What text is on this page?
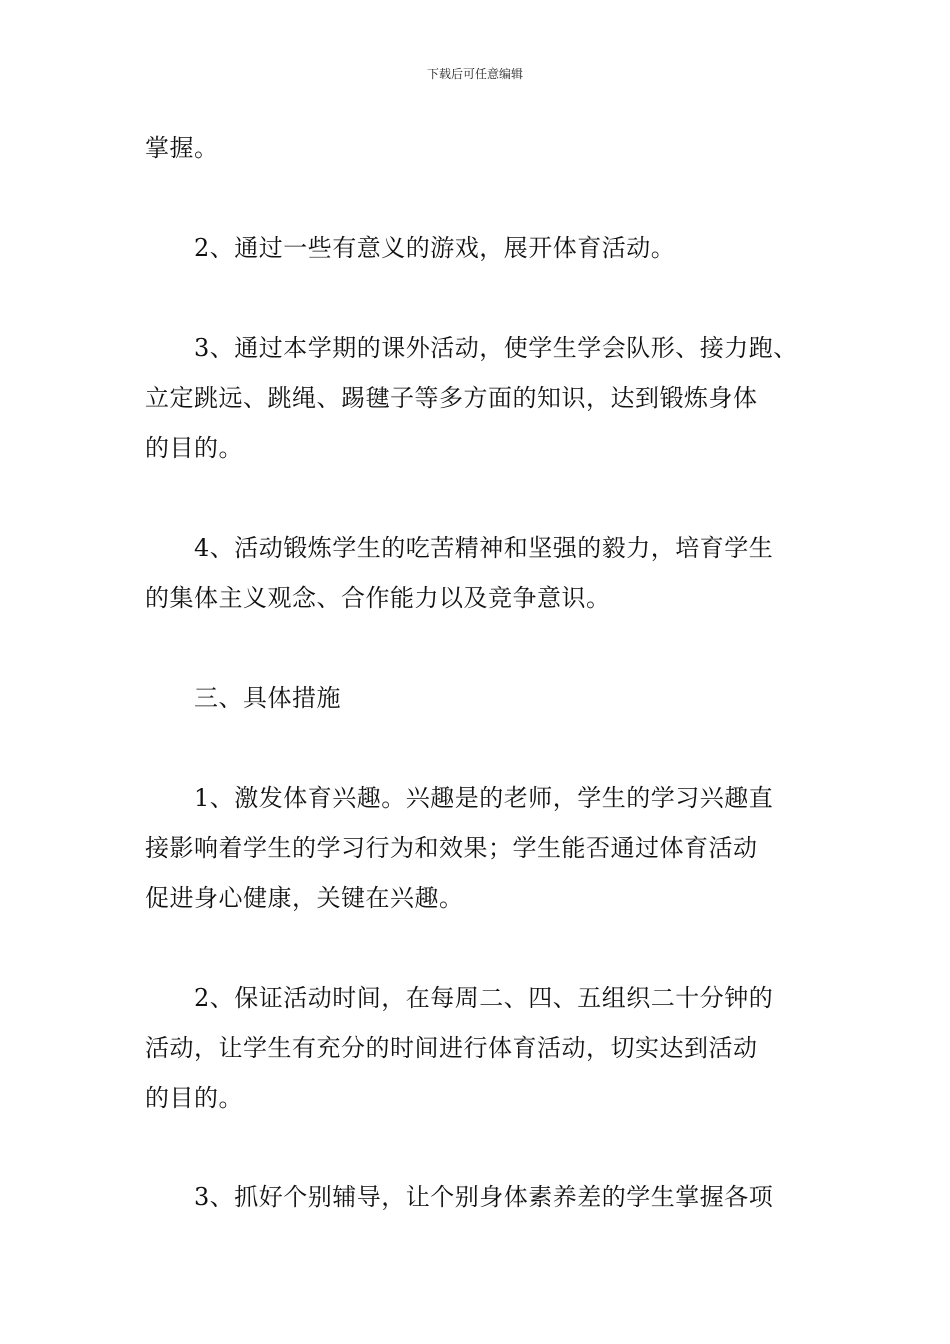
下载后可任意编辑
掌握。
2、通过一些有意义的游戏，展开体育活动。
3、通过本学期的课外活动，使学生学会队形、接力跑、
立定跳远、跳绳、踢毽子等多方面的知识，达到锻炼身体
的目的。
4、活动锻炼学生的吃苦精神和坚强的毅力，培育学生
的集体主义观念、合作能力以及竞争意识。
三、具体措施
1、激发体育兴趣。兴趣是的老师，学生的学习兴趣直
接影响着学生的学习行为和效果；学生能否通过体育活动
促进身心健康，关键在兴趣。
2、保证活动时间，在每周二、四、五组织二十分钟的
活动，让学生有充分的时间进行体育活动，切实达到活动
的目的。
3、抓好个别辅导，让个别身体素养差的学生掌握各项
